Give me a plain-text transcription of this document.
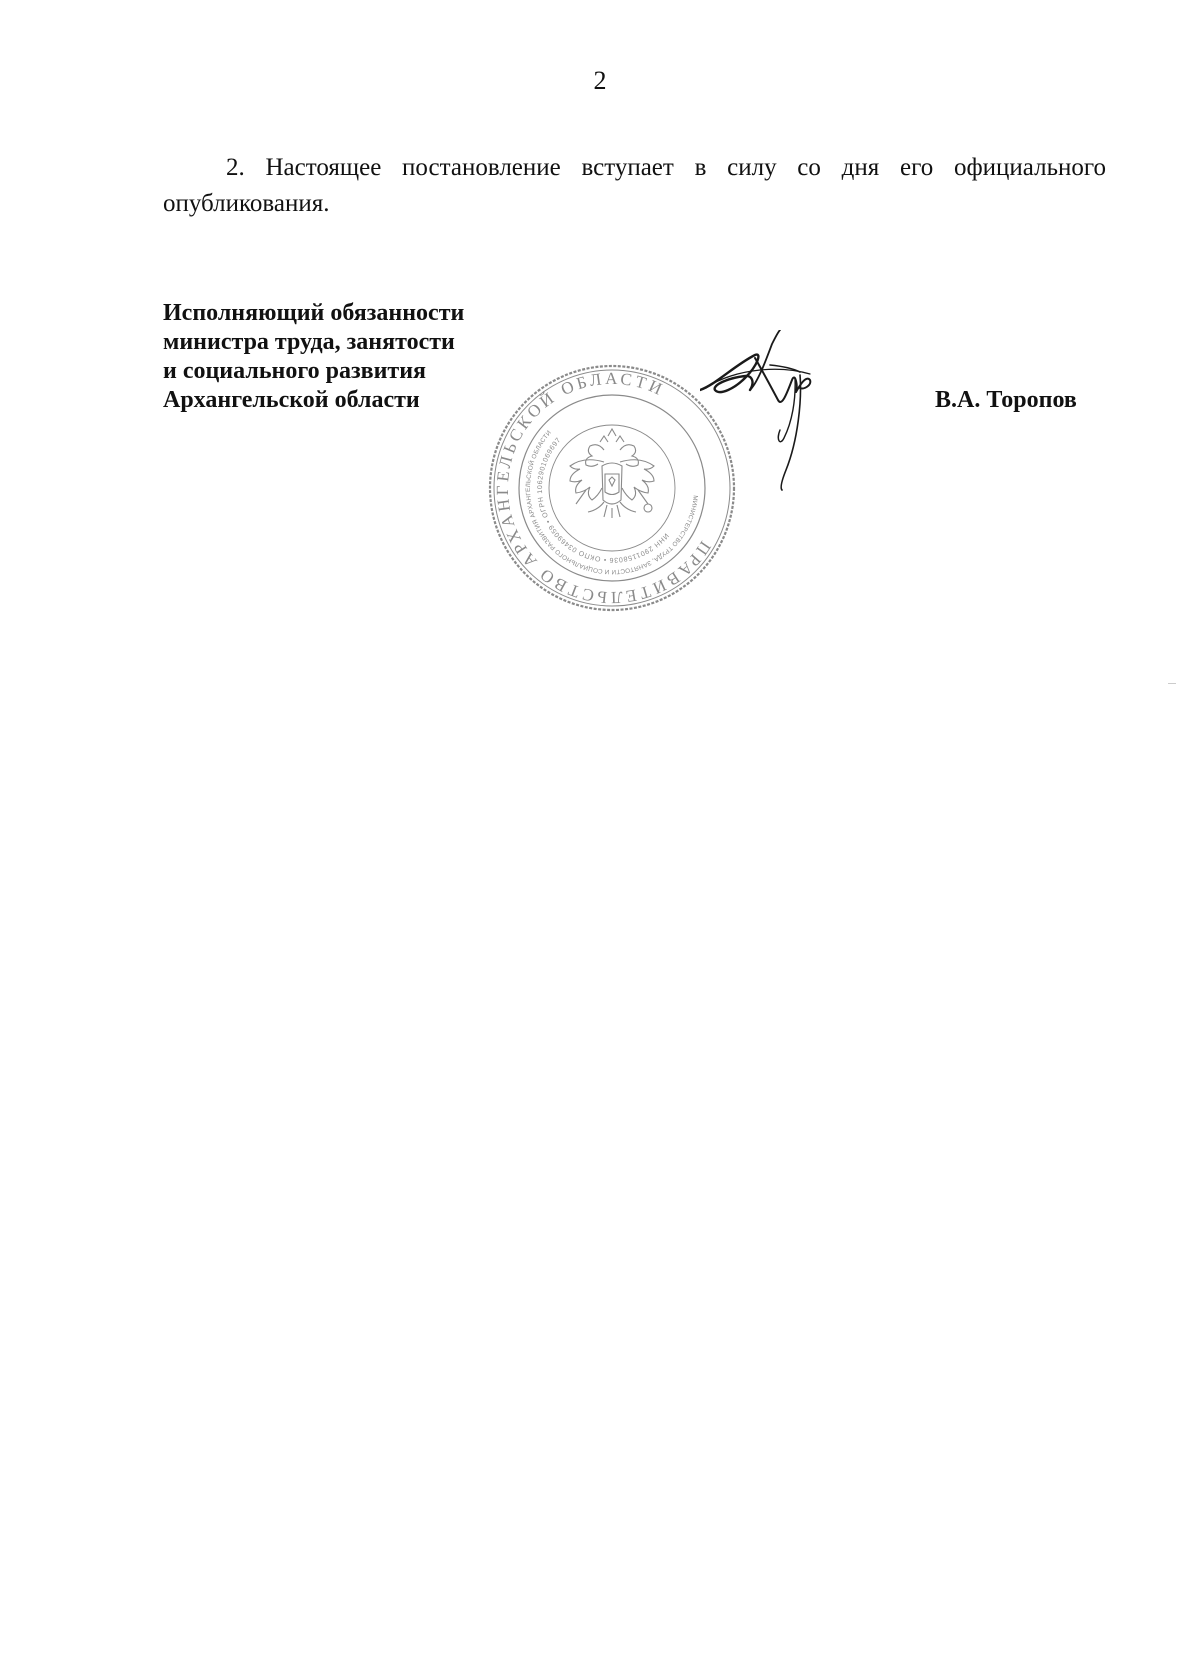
2

2. Настоящее постановление вступает в силу со дня его официального опубликования.

Исполняющий обязанности
министра труда, занятости
и социального развития
Архангельской области
ПРАВИТЕЛЬСТВО АРХАНГЕЛЬСКОЙ ОБЛАСТИ
МИНИСТЕРСТВО ТРУДА, ЗАНЯТОСТИ И СОЦИАЛЬНОГО РАЗВИТИЯ АРХАНГЕЛЬСКОЙ ОБЛАСТИ
ИНН 2901158036 • ОКПО 03469059 • ОГРН 1062901069697
В.А. Торопов
